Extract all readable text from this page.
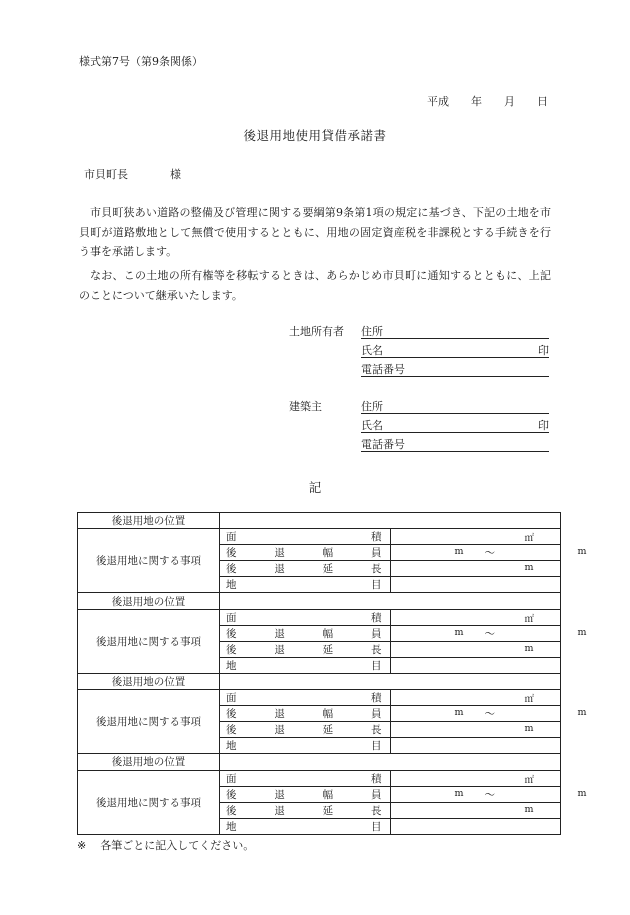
様式第7号（第9条関係）
平成 年 月 日
後退用地使用貸借承諾書
市貝町長	様
市貝町狭あい道路の整備及び管理に関する要綱第9条第1項の規定に基づき、下記の土地を市貝町が道路敷地として無償で使用するとともに、用地の固定資産税を非課税とする手続きを行う事を承諾します。
なお、この土地の所有権等を移転するときは、あらかじめ市貝町に通知するとともに、上記のことについて継承いたします。
土地所有者 住所
氏名	印
電話番号
建築主	住所
氏名	印
電話番号
記
後退用地の位置		
後退用地に関する事項	面 積	㎡

	後 退 幅 員	m ～ m

	後 退 延 長	m

	地 目	

後退用地の位置		
後退用地に関する事項	面 積	㎡

	後 退 幅 員	m ～ m

	後 退 延 長	m

	地 目	

後退用地の位置		
後退用地に関する事項	面 積	㎡

	後 退 幅 員	m ～ m

	後 退 延 長	m

	地 目	

後退用地の位置		
後退用地に関する事項	面 積	㎡

	後 退 幅 員	m ～ m

	後 退 延 長	m

	地 目	

※ 各筆ごとに記入してください。
